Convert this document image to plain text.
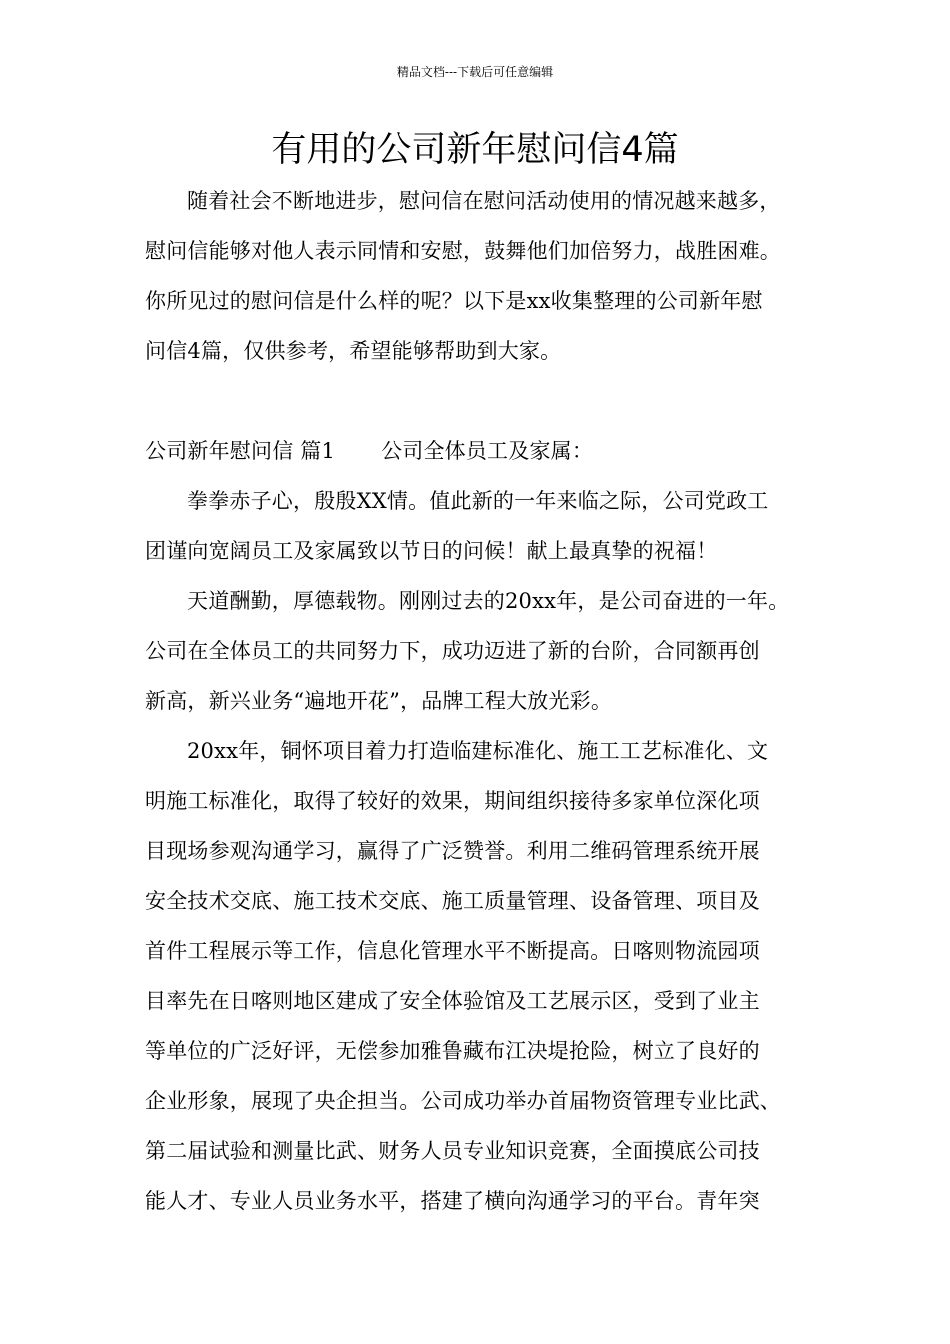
精品文档---下载后可任意编辑
有用的公司新年慰问信4篇
随着社会不断地进步，慰问信在慰问活动使用的情况越来越多，
慰问信能够对他人表示同情和安慰，鼓舞他们加倍努力，战胜困难。
你所见过的慰问信是什么样的呢？以下是xx收集整理的公司新年慰
问信4篇，仅供参考，希望能够帮助到大家。
公司新年慰问信 篇1 公司全体员工及家属：
拳拳赤子心，殷殷XX情。值此新的一年来临之际，公司党政工
团谨向宽阔员工及家属致以节日的问候！献上最真挚的祝福！
天道酬勤，厚德载物。刚刚过去的20xx年，是公司奋进的一年。
公司在全体员工的共同努力下，成功迈进了新的台阶，合同额再创
新高，新兴业务“遍地开花”，品牌工程大放光彩。
20xx年，铜怀项目着力打造临建标准化、施工工艺标准化、文
明施工标准化，取得了较好的效果，期间组织接待多家单位深化项
目现场参观沟通学习，赢得了广泛赞誉。利用二维码管理系统开展
安全技术交底、施工技术交底、施工质量管理、设备管理、项目及
首件工程展示等工作，信息化管理水平不断提高。日喀则物流园项
目率先在日喀则地区建成了安全体验馆及工艺展示区，受到了业主
等单位的广泛好评，无偿参加雅鲁藏布江决堤抢险，树立了良好的
企业形象，展现了央企担当。公司成功举办首届物资管理专业比武、
第二届试验和测量比武、财务人员专业知识竞赛，全面摸底公司技
能人才、专业人员业务水平，搭建了横向沟通学习的平台。青年突
